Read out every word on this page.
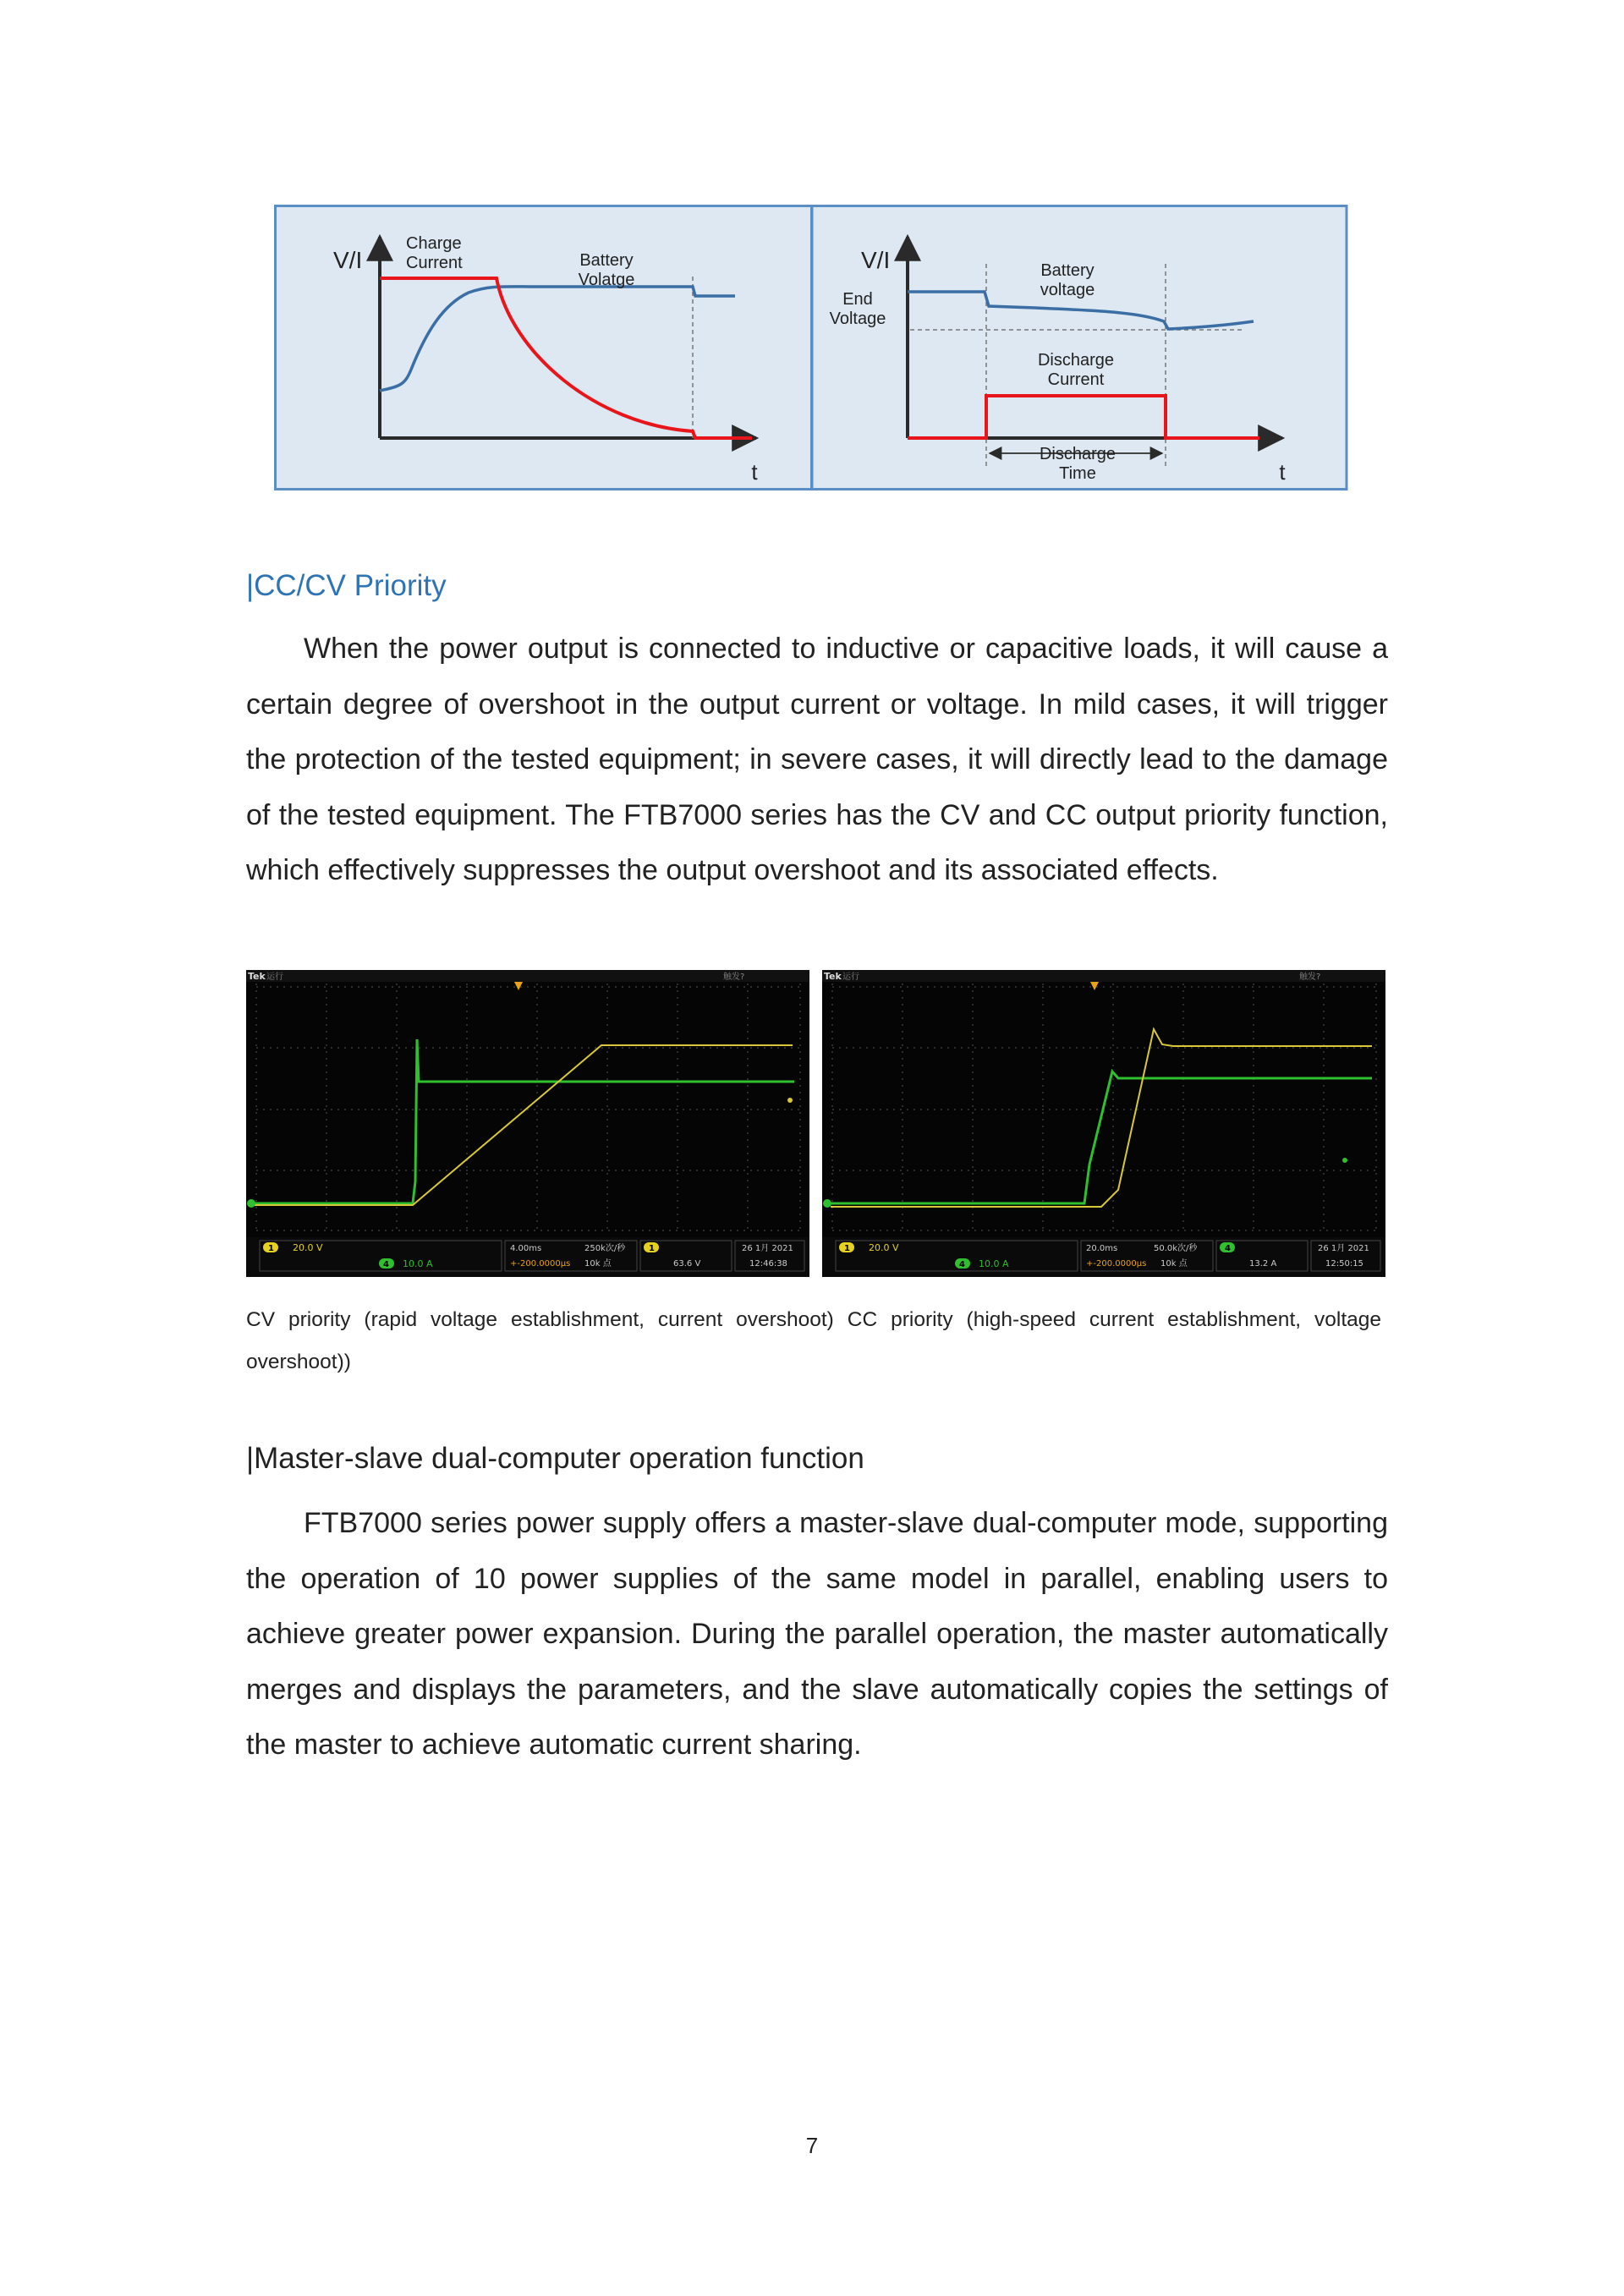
V/I
Charge
Current	Battery
Volatge
t
V/I
End
Voltage
Battery
voltage
Discharge
Current
Discharge
Time	t
|CC/CV Priority

When the power output is connected to inductive or capacitive loads, it will cause a certain degree of overshoot in the output current or voltage. In mild cases, it will trigger the protection of the tested equipment; in severe cases, it will directly lead to the damage of the tested equipment. The FTB7000 series has the CV and CC output priority function, which effectively suppresses the output overshoot and its associated effects.

Tek 运行	触发?
1 20.0 V
4 10.0 A
4.00ms	250k次/秒
+-200.0000µs 10k 点
1
63.6 V
26 1月 2021
12:46:38
Tek 运行	触发?
1 20.0 V
4 10.0 A
20.0ms	50.0k次/秒
+-200.0000µs 10k 点
4
13.2 A
26 1月 2021
12:50:15

CV priority (rapid voltage establishment, current overshoot) CC priority (high-speed current establishment, voltage overshoot))

|Master-slave dual-computer operation function

FTB7000 series power supply offers a master-slave dual-computer mode, supporting the operation of 10 power supplies of the same model in parallel, enabling users to achieve greater power expansion. During the parallel operation, the master automatically merges and displays the parameters, and the slave automatically copies the settings of the master to achieve automatic current sharing.

7
